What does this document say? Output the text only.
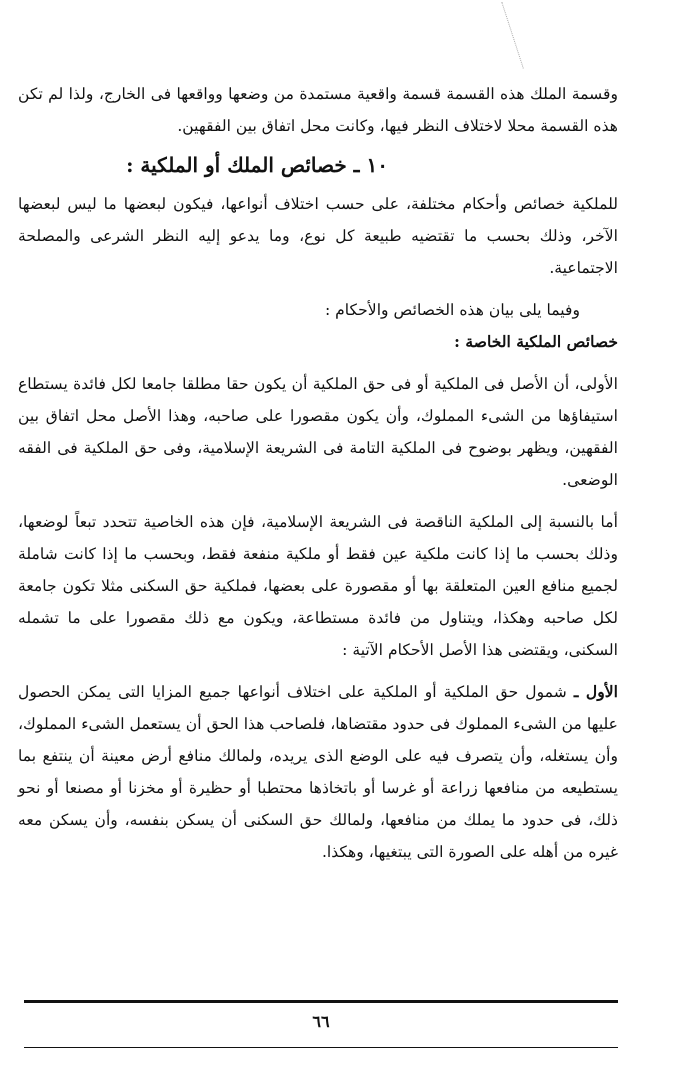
وقسمة الملك هذه القسمة قسمة واقعية مستمدة من وضعها وواقعها فى الخارج، ولذا لم تكن هذه القسمة محلا لاختلاف النظر فيها، وكانت محل اتفاق بين الفقهين.

١٠ ـ خصائص الملك أو الملكية :

للملكية خصائص وأحكام مختلفة، على حسب اختلاف أنواعها، فيكون لبعضها ما ليس لبعضها الآخر، وذلك بحسب ما تقتضيه طبيعة كل نوع، وما يدعو إليه النظر الشرعى والمصلحة الاجتماعية.

وفيما يلى بيان هذه الخصائص والأحكام :

خصائص الملكية الخاصة :

الأولى، أن الأصل فى الملكية أو فى حق الملكية أن يكون حقا مطلقا جامعا لكل فائدة يستطاع استيفاؤها من الشىء المملوك، وأن يكون مقصورا على صاحبه، وهذا الأصل محل اتفاق بين الفقهين، ويظهر بوضوح فى الملكية التامة فى الشريعة الإسلامية، وفى حق الملكية فى الفقه الوضعى.

أما بالنسبة إلى الملكية الناقصة فى الشريعة الإسلامية، فإن هذه الخاصية تتحدد تبعاً لوضعها، وذلك بحسب ما إذا كانت ملكية عين فقط أو ملكية منفعة فقط، وبحسب ما إذا كانت شاملة لجميع منافع العين المتعلقة بها أو مقصورة على بعضها، فملكية حق السكنى مثلا تكون جامعة لكل صاحبه وهكذا، ويتناول من فائدة مستطاعة، ويكون مع ذلك مقصورا على ما تشمله السكنى، ويقتضى هذا الأصل الأحكام الآتية :

الأول ـ شمول حق الملكية أو الملكية على اختلاف أنواعها جميع المزايا التى يمكن الحصول عليها من الشىء المملوك فى حدود مقتضاها، فلصاحب هذا الحق أن يستعمل الشىء المملوك، وأن يستغله، وأن يتصرف فيه على الوضع الذى يريده، ولمالك منافع أرض معينة أن ينتفع بما يستطيعه من منافعها زراعة أو غرسا أو باتخاذها محتطبا أو حظيرة أو مخزنا أو مصنعا أو نحو ذلك، فى حدود ما يملك من منافعها، ولمالك حق السكنى أن يسكن بنفسه، وأن يسكن معه غيره من أهله على الصورة التى يبتغيها، وهكذا.

٦٦
